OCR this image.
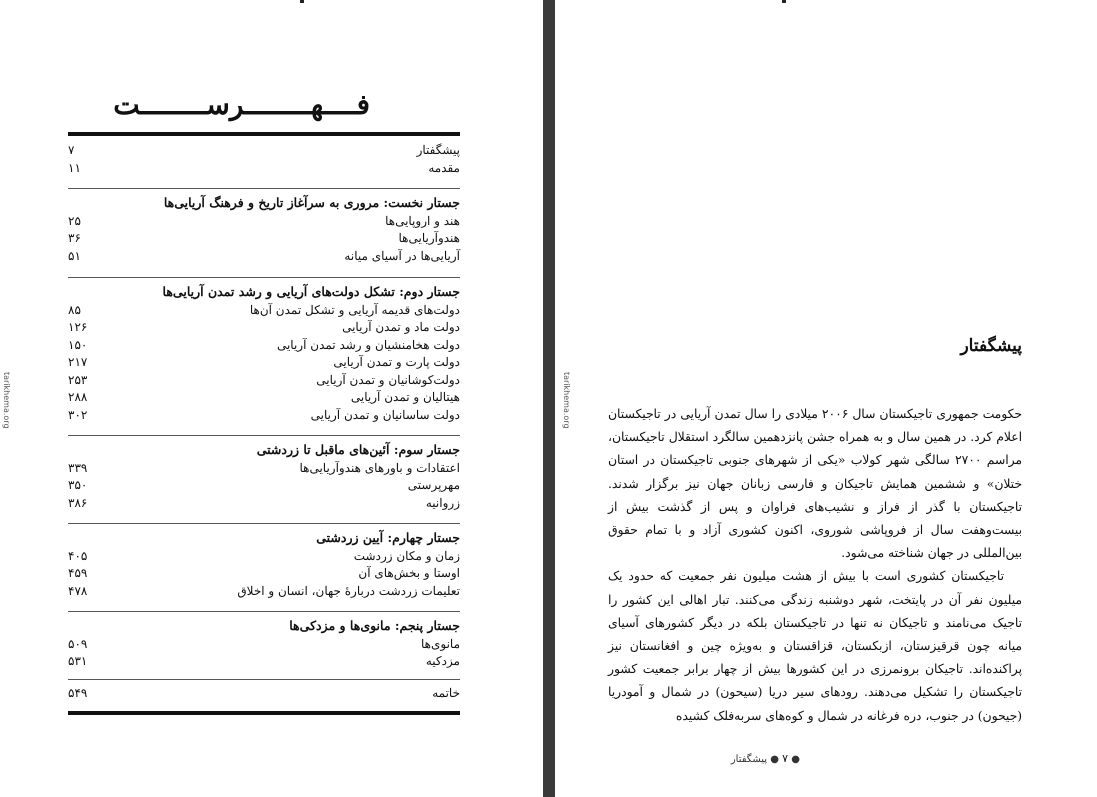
tarikhema.org	tarikhema.org
فــــهــــــــرســــــــت
پیشگفتار
۷
مقدمه
۱۱
جستار نخست: مروری به سرآغاز تاریخ و فرهنگ آریایی‌ها
هند و اروپایی‌ها
۲۵
هندوآریایی‌ها
۳۶
آریایی‌ها در آسیای میانه
۵۱
جستار دوم: تشکل دولت‌های آریایی و رشد تمدن آریایی‌ها
دولت‌های قدیمه آریایی و تشکل تمدن آن‌ها
۸۵
دولت ماد و تمدن آریایی
۱۲۶
دولت هخامنشیان و رشد تمدن آریایی
۱۵۰
دولت پارت و تمدن آریایی
۲۱۷
دولت‌کوشانیان و تمدن آریایی
۲۵۳
هیتالیان و تمدن آریایی
۲۸۸
دولت ساسانیان و تمدن آریایی
۳۰۲
جستار سوم: آئین‌های ماقبل تا زردشتی
اعتقادات و باورهای هندوآریایی‌ها
۳۳۹
مهرپرستی
۳۵۰
زروانیه
۳۸۶
جستار چهارم: آیین زردشتی
زمان و مکان زردشت
۴۰۵
اوستا و بخش‌های آن
۴۵۹
تعلیمات زردشت دربارهٔ جهان، انسان و اخلاق
۴۷۸
جستار پنجم: مانوی‌ها و مزدکی‌ها
مانوی‌ها
۵۰۹
مزدکیه
۵۳۱
خاتمه
۵۴۹
پیشگفتار

حکومت جمهوری تاجیکستان سال ۲۰۰۶ میلادی را سال تمدن آریایی در تاجیکستان اعلام کرد. در همین سال و به همراه جشن پانزدهمین سالگرد استقلال تاجیکستان، مراسم ۲۷۰۰ سالگی شهر کولاب «یکی از شهرهای جنوبی تاجیکستان در استان ختلان» و ششمین همایش تاجیکان و فارسی زبانان جهان نیز برگزار شدند. تاجیکستان با گذر از فراز و نشیب‌های فراوان و پس از گذشت بیش از بیست‌وهفت سال از فروپاشی شوروی، اکنون کشوری آزاد و با تمام حقوق بین‌المللی در جهان شناخته می‌شود.

تاجیکستان کشوری است با بیش از هشت میلیون نفر جمعیت که حدود یک میلیون نفر آن در پایتخت، شهر دوشنبه زندگی می‌کنند. تبار اهالی این کشور را تاجیک می‌نامند و تاجیکان نه تنها در تاجیکستان بلکه در دیگر کشورهای آسیای میانه چون قرقیزستان، ازبکستان، قزاقستان و به‌ویژه چین و افغانستان نیز پراکنده‌اند. تاجیکان برونمرزی در این کشورها بیش از چهار برابر جمعیت کشور تاجیکستان را تشکیل می‌دهند. رودهای سیر دریا (سیحون) در شمال و آمودریا (جیحون) در جنوب، دره فرغانه در شمال و کوه‌های سربه‌فلک کشیده

● ۷ ● پیشگفتار
